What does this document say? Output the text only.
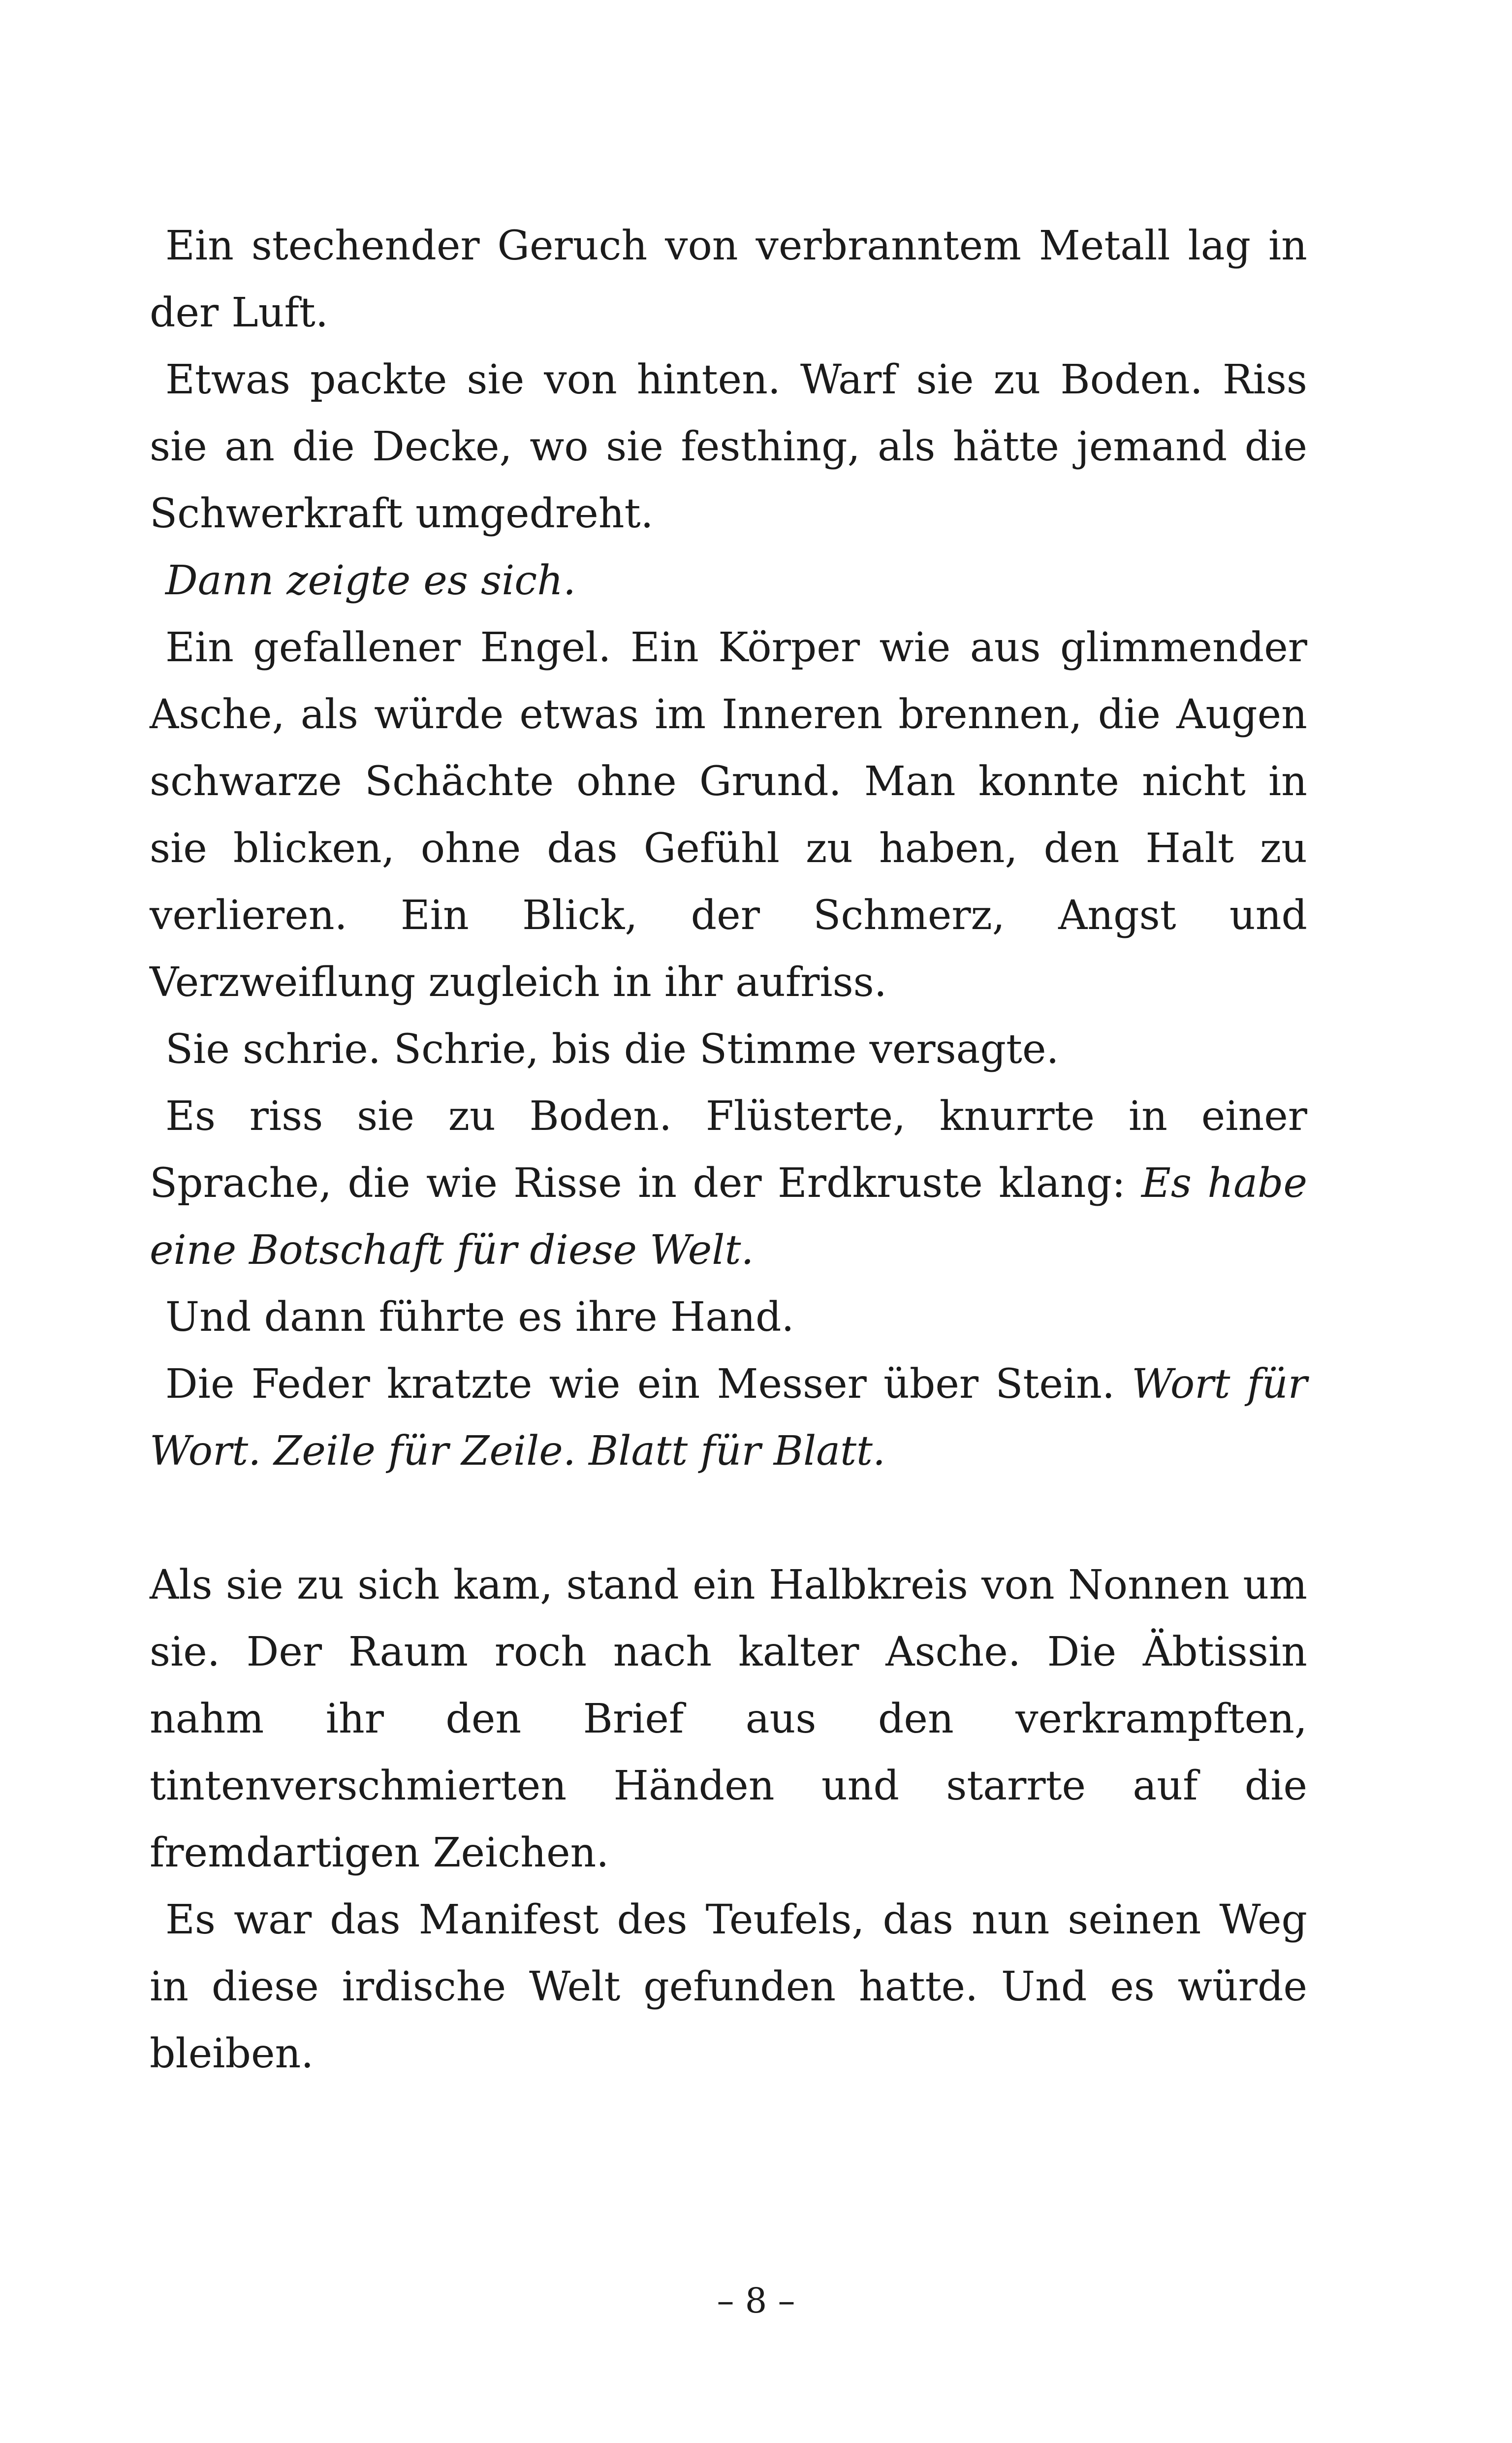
Ein stechender Geruch von verbranntem Metall lag in der Luft.

Etwas packte sie von hinten. Warf sie zu Boden. Riss sie an die Decke, wo sie festhing, als hätte jemand die Schwerkraft umgedreht.

Dann zeigte es sich.

Ein gefallener Engel. Ein Körper wie aus glimmender Asche, als würde etwas im Inneren brennen, die Augen schwarze Schächte ohne Grund. Man konnte nicht in sie blicken, ohne das Gefühl zu haben, den Halt zu verlieren. Ein Blick, der Schmerz, Angst und Verzweiflung zugleich in ihr aufriss.

Sie schrie. Schrie, bis die Stimme versagte.

Es riss sie zu Boden. Flüsterte, knurrte in einer Sprache, die wie Risse in der Erdkruste klang: Es habe eine Botschaft für diese Welt.

Und dann führte es ihre Hand.

Die Feder kratzte wie ein Messer über Stein. Wort für Wort. Zeile für Zeile. Blatt für Blatt.

Als sie zu sich kam, stand ein Halbkreis von Nonnen um sie. Der Raum roch nach kalter Asche. Die Äbtissin nahm ihr den Brief aus den verkrampften, tintenverschmierten Händen und starrte auf die fremdartigen Zeichen.

Es war das Manifest des Teufels, das nun seinen Weg in diese irdische Welt gefunden hatte. Und es würde bleiben.

– 8 –
